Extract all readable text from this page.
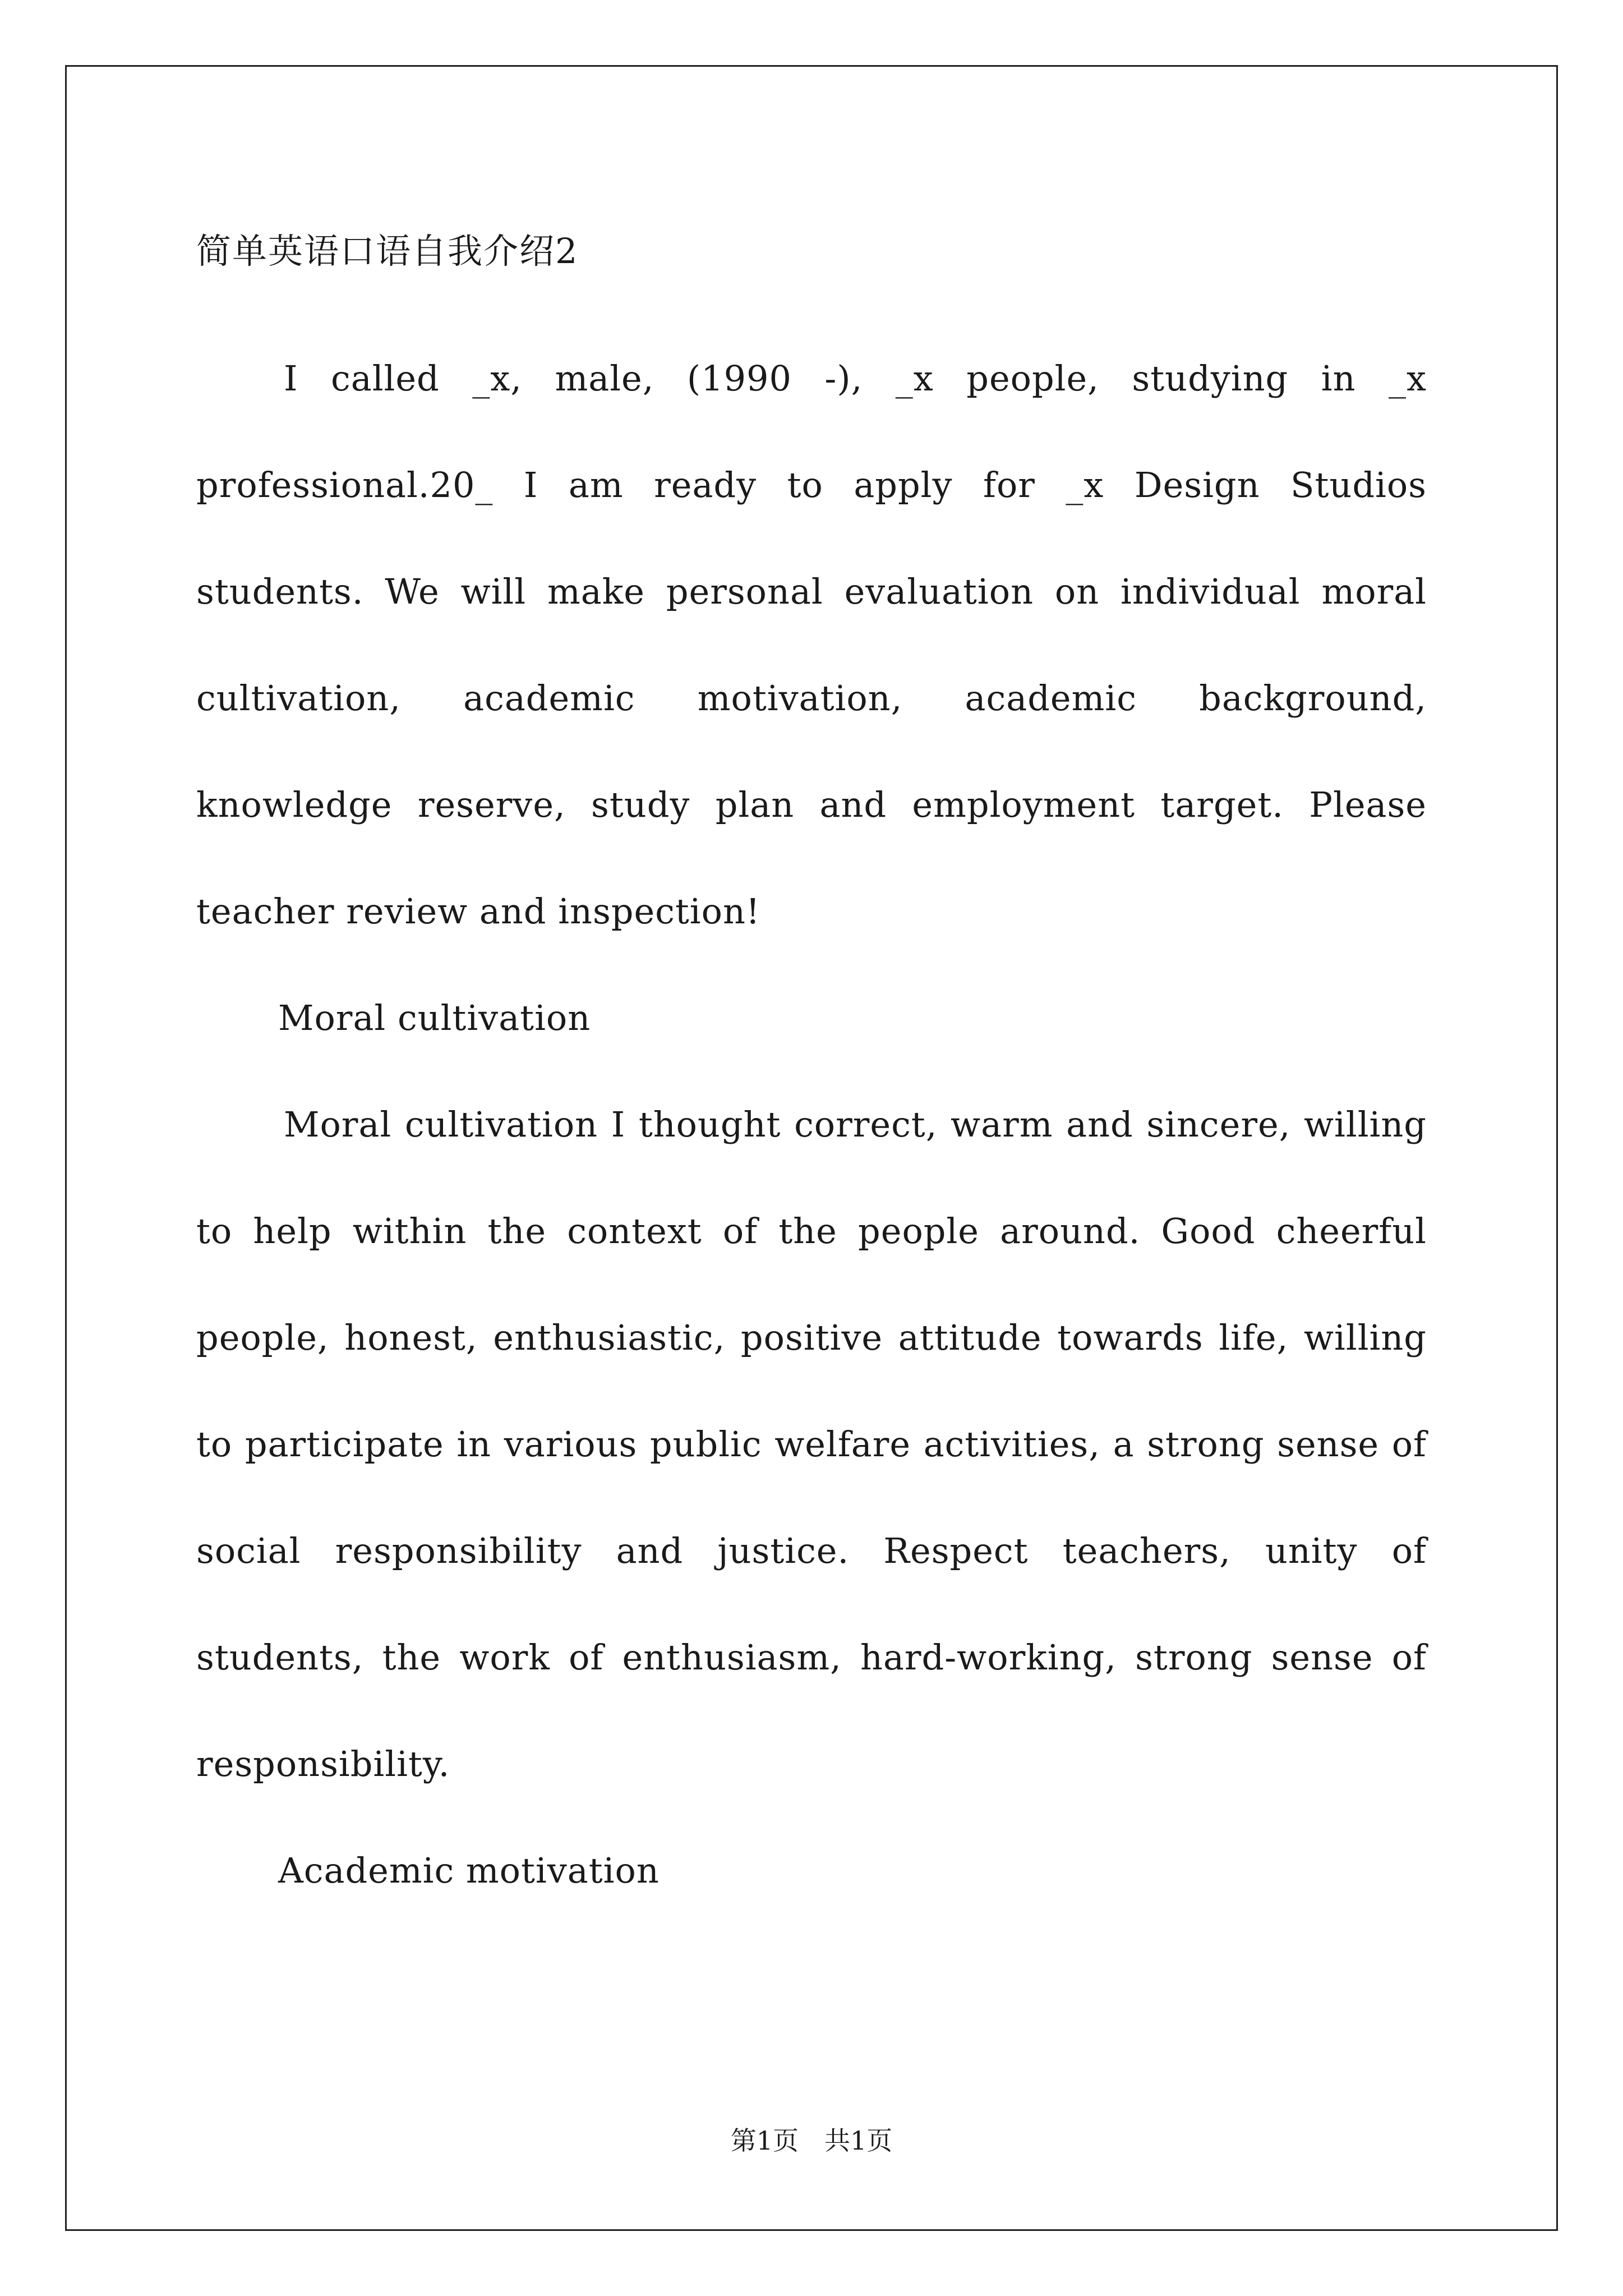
简单英语口语自我介绍2

I called _x, male, (1990 -), _x people, studying in _x professional.20_ I am ready to apply for _x Design Studios students. We will make personal evaluation on individual moral cultivation, academic motivation, academic background, knowledge reserve, study plan and employment target. Please teacher review and inspection!

Moral cultivation

Moral cultivation I thought correct, warm and sincere, willing to help within the context of the people around. Good cheerful people, honest, enthusiastic, positive attitude towards life, willing to participate in various public welfare activities, a strong sense of social responsibility and justice. Respect teachers, unity of students, the work of enthusiasm, hard-working, strong sense of responsibility.

Academic motivation
第1页　共1页
